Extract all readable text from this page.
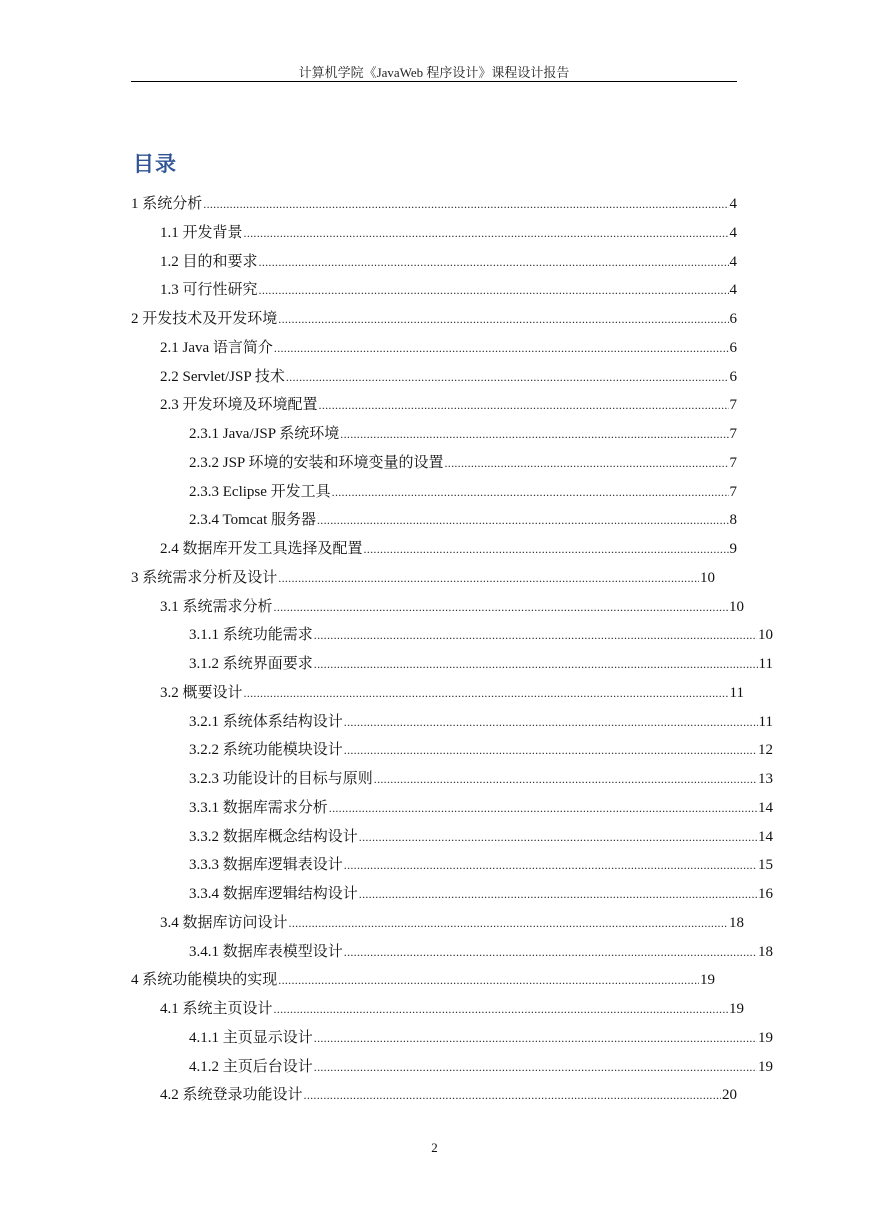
计算机学院《JavaWeb 程序设计》课程设计报告
目录
1 系统分析 .....	4
1.1 开发背景 .....	4
1.2 目的和要求 .....	4
1.3 可行性研究 .....	4
2 开发技术及开发环境 .....	6
2.1 Java 语言简介 .....	6
2.2 Servlet/JSP 技术 .....	6
2.3 开发环境及环境配置 .....	7
2.3.1 Java/JSP 系统环境 .....	7
2.3.2 JSP 环境的安装和环境变量的设置 .....	7
2.3.3 Eclipse 开发工具 .....	7
2.3.4 Tomcat 服务器 .....	8
2.4 数据库开发工具选择及配置 .....	9
3 系统需求分析及设计 .....	10
3.1 系统需求分析 .....	10
3.1.1 系统功能需求 .....	10
3.1.2 系统界面要求 .....	11
3.2 概要设计 .....	11
3.2.1 系统体系结构设计 .....	11
3.2.2 系统功能模块设计 .....	12
3.2.3 功能设计的目标与原则 .....	13
3.3.1 数据库需求分析 .....	14
3.3.2 数据库概念结构设计 .....	14
3.3.3 数据库逻辑表设计 .....	15
3.3.4 数据库逻辑结构设计 .....	16
3.4 数据库访问设计 .....	18
3.4.1 数据库表模型设计 .....	18
4 系统功能模块的实现 .....	19
4.1 系统主页设计 .....	19
4.1.1 主页显示设计 .....	19
4.1.2 主页后台设计 .....	19
4.2 系统登录功能设计 .....	20
2
